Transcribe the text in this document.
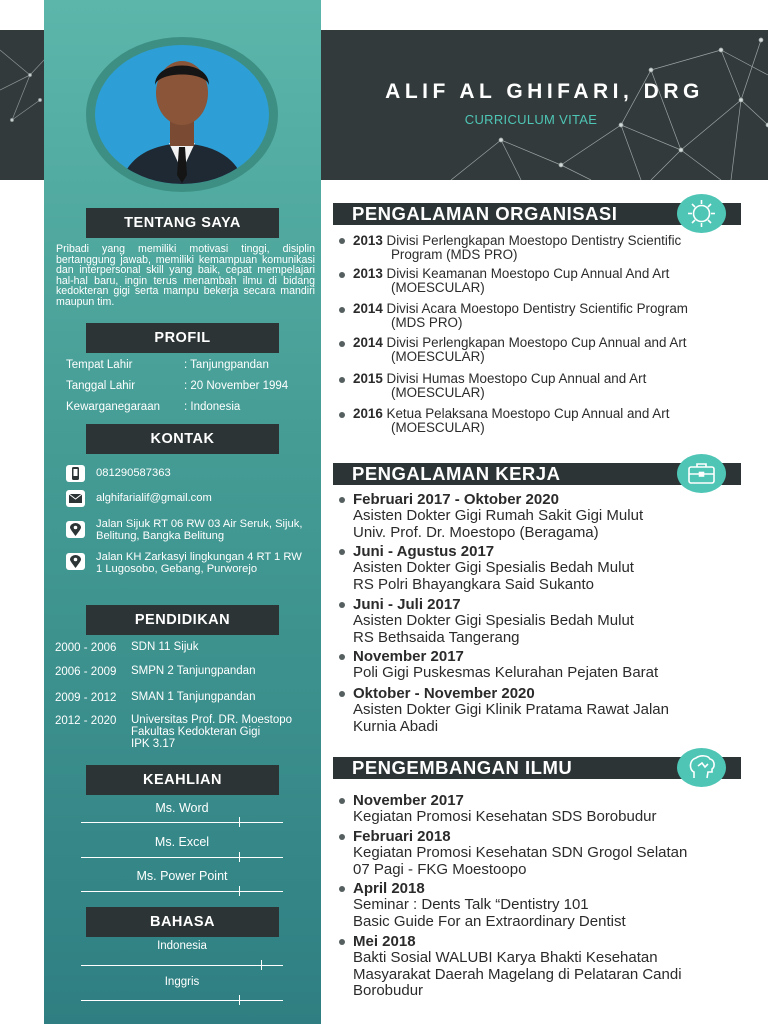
ALIF AL GHIFARI, DRG
CURRICULUM VITAE
TENTANG SAYA
Pribadi yang memiliki motivasi tinggi, disiplin bertanggung jawab, memiliki kemampuan komunikasi dan interpersonal skill yang baik, cepat mempelajari hal-hal baru, ingin terus menambah ilmu di bidang kedokteran gigi serta mampu bekerja secara mandiri maupun tim.
PROFIL
Tempat Lahir	: Tanjungpandan
Tanggal Lahir	: 20 November 1994
Kewarganegaraan : Indonesia
KONTAK
081290587363
alghifarialif@gmail.com
Jalan Sijuk RT 06 RW 03 Air Seruk, Sijuk, Belitung, Bangka Belitung
Jalan KH Zarkasyi lingkungan 4 RT 1 RW 1 Lugosobo, Gebang, Purworejo
PENDIDIKAN
2000 - 2006 SDN 11 Sijuk
2006 - 2009 SMPN 2 Tanjungpandan
2009 - 2012 SMAN 1 Tanjungpandan
2012 - 2020 Universitas Prof. DR. Moestopo
Fakultas Kedokteran Gigi
IPK 3.17
KEAHLIAN
Ms. Word
Ms. Excel
Ms. Power Point
BAHASA
Indonesia
Inggris
PENGALAMAN ORGANISASI
2013 Divisi Perlengkapan Moestopo Dentistry Scientific
Program (MDS PRO)
2013 Divisi Keamanan Moestopo Cup Annual And Art
(MOESCULAR)
2014 Divisi Acara Moestopo Dentistry Scientific Program
(MDS PRO)
2014 Divisi Perlengkapan Moestopo Cup Annual and Art
(MOESCULAR)
2015 Divisi Humas Moestopo Cup Annual and Art
(MOESCULAR)
2016 Ketua Pelaksana Moestopo Cup Annual and Art
(MOESCULAR)
PENGALAMAN KERJA
Februari 2017 - Oktober 2020
Asisten Dokter Gigi Rumah Sakit Gigi Mulut
Univ. Prof. Dr. Moestopo (Beragama)
Juni - Agustus 2017
Asisten Dokter Gigi Spesialis Bedah Mulut
RS Polri Bhayangkara Said Sukanto
Juni - Juli 2017
Asisten Dokter Gigi Spesialis Bedah Mulut
RS Bethsaida Tangerang
November 2017
Poli Gigi Puskesmas Kelurahan Pejaten Barat
Oktober - November 2020
Asisten Dokter Gigi Klinik Pratama Rawat Jalan
Kurnia Abadi
PENGEMBANGAN ILMU
November 2017
Kegiatan Promosi Kesehatan SDS Borobudur
Februari 2018
Kegiatan Promosi Kesehatan SDN Grogol Selatan
07 Pagi - FKG Moestoopo
April 2018
Seminar : Dents Talk “Dentistry 101
Basic Guide For an Extraordinary Dentist
Mei 2018
Bakti Sosial WALUBI Karya Bhakti Kesehatan
Masyarakat Daerah Magelang di Pelataran Candi
Borobudur
